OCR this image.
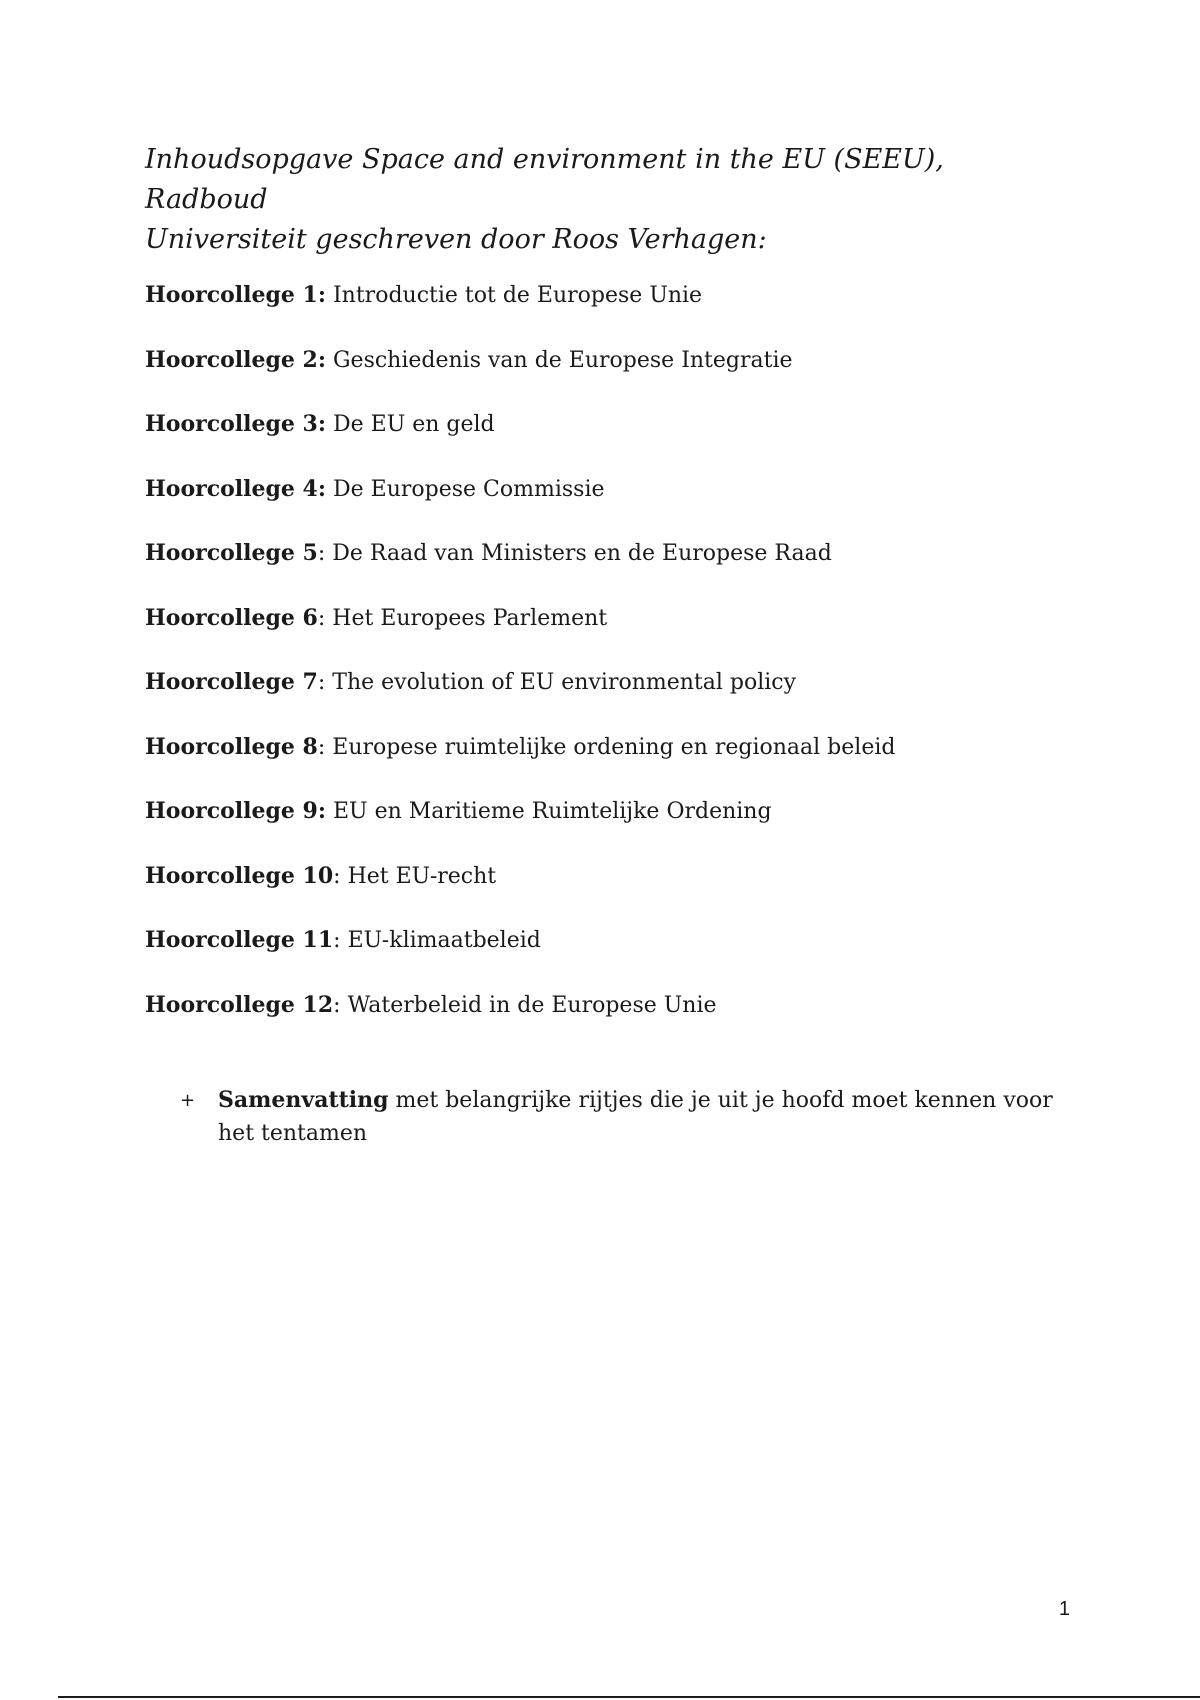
Inhoudsopgave Space and environment in the EU (SEEU), Radboud
Universiteit geschreven door Roos Verhagen:
Hoorcollege 1: Introductie tot de Europese Unie
Hoorcollege 2: Geschiedenis van de Europese Integratie
Hoorcollege 3: De EU en geld
Hoorcollege 4: De Europese Commissie
Hoorcollege 5: De Raad van Ministers en de Europese Raad
Hoorcollege 6: Het Europees Parlement
Hoorcollege 7: The evolution of EU environmental policy
Hoorcollege 8: Europese ruimtelijke ordening en regionaal beleid
Hoorcollege 9: EU en Maritieme Ruimtelijke Ordening
Hoorcollege 10: Het EU-recht
Hoorcollege 11: EU-klimaatbeleid
Hoorcollege 12: Waterbeleid in de Europese Unie
+	Samenvatting met belangrijke rijtjes die je uit je hoofd moet kennen voor het tentamen
1
